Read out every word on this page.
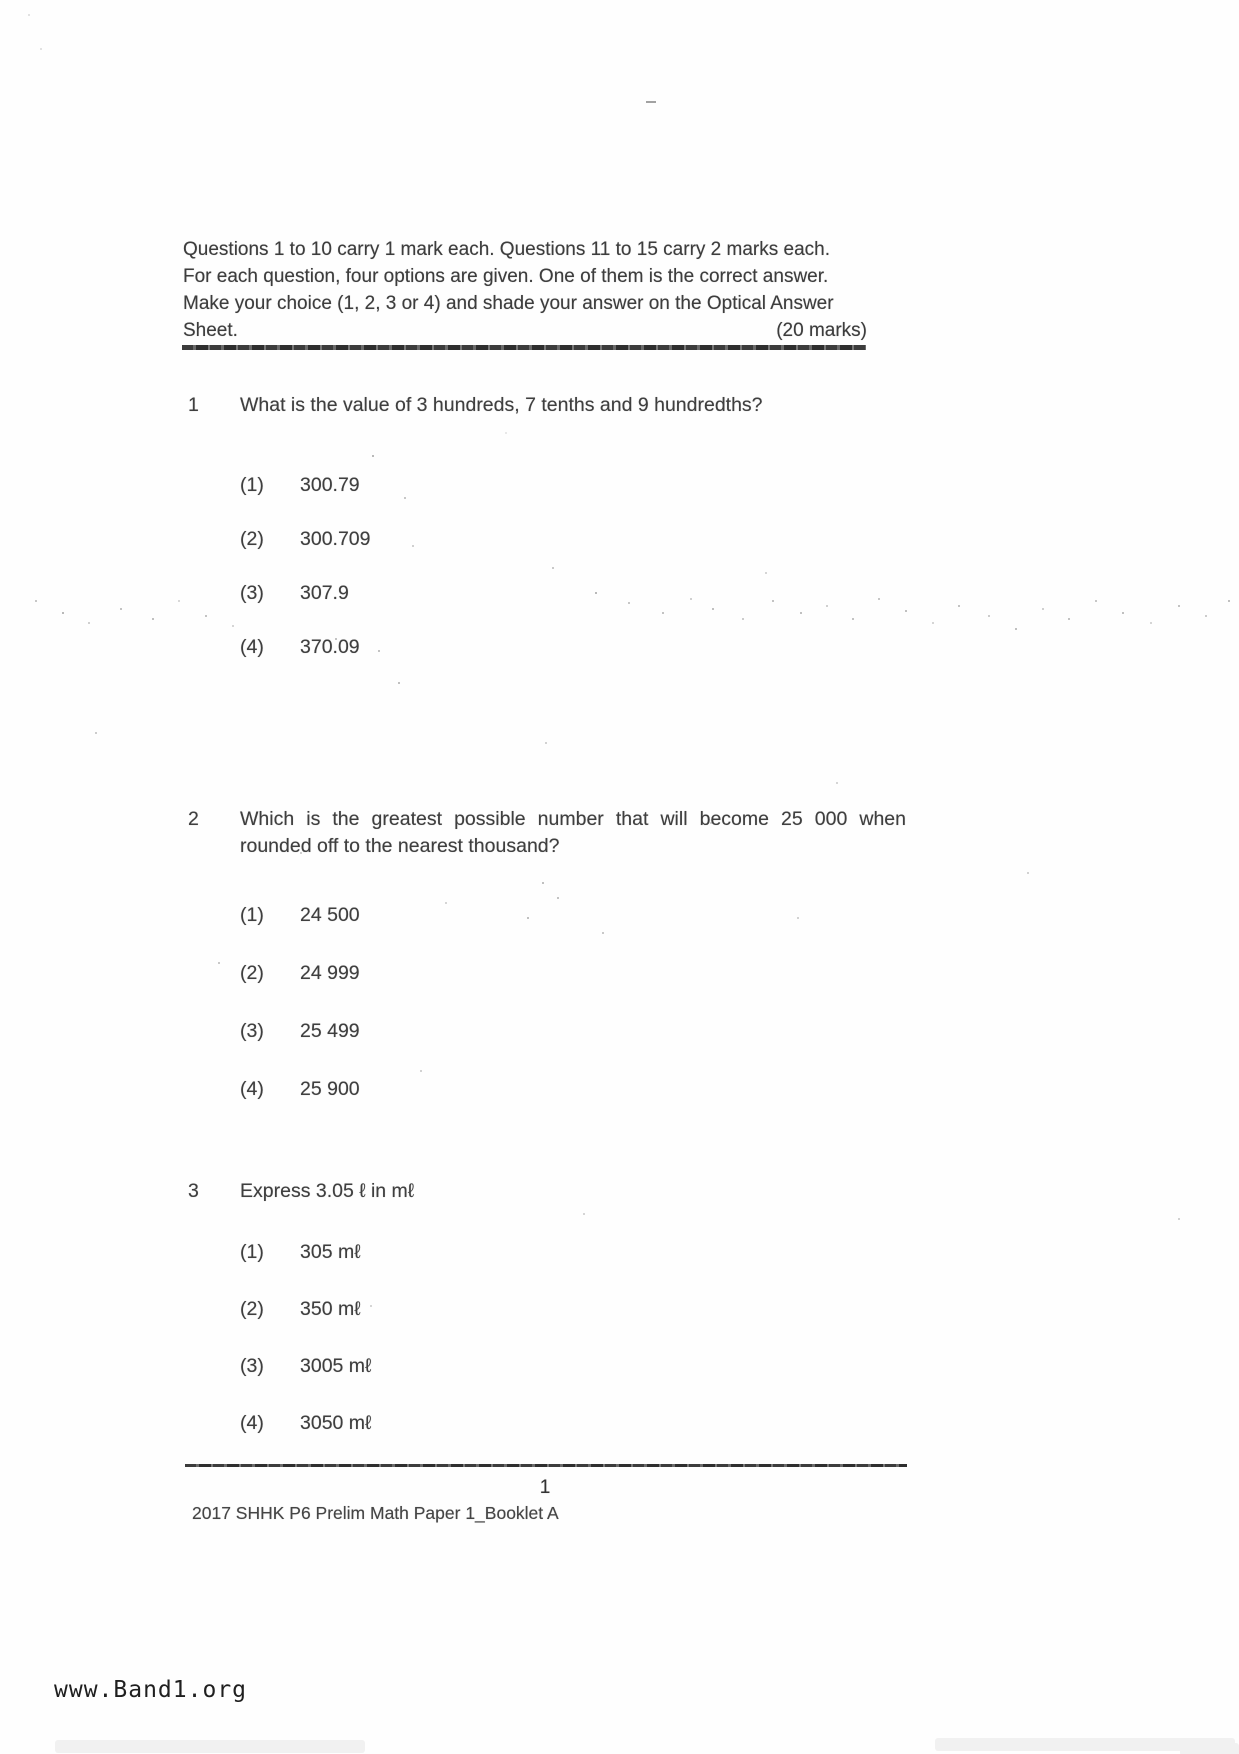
Questions 1 to 10 carry 1 mark each. Questions 11 to 15 carry 2 marks each.
For each question, four options are given. One of them is the correct answer.
Make your choice (1, 2, 3 or 4) and shade your answer on the Optical Answer
Sheet.	(20 marks)
1	What is the value of 3 hundreds, 7 tenths and 9 hundredths?
(1)	300.79
(2)	300.709
(3)	307.9
(4)	370.09
2	Which is the greatest possible number that will become 25 000 when rounded off to the nearest thousand?
(1)	24 500
(2)	24 999
(3)	25 499
(4)	25 900
3	Express 3.05 ℓ in mℓ
(1)	305 mℓ
(2)	350 mℓ
(3)	3005 mℓ
(4)	3050 mℓ
1
2017 SHHK P6 Prelim Math Paper 1_Booklet A
www.Band1.org
